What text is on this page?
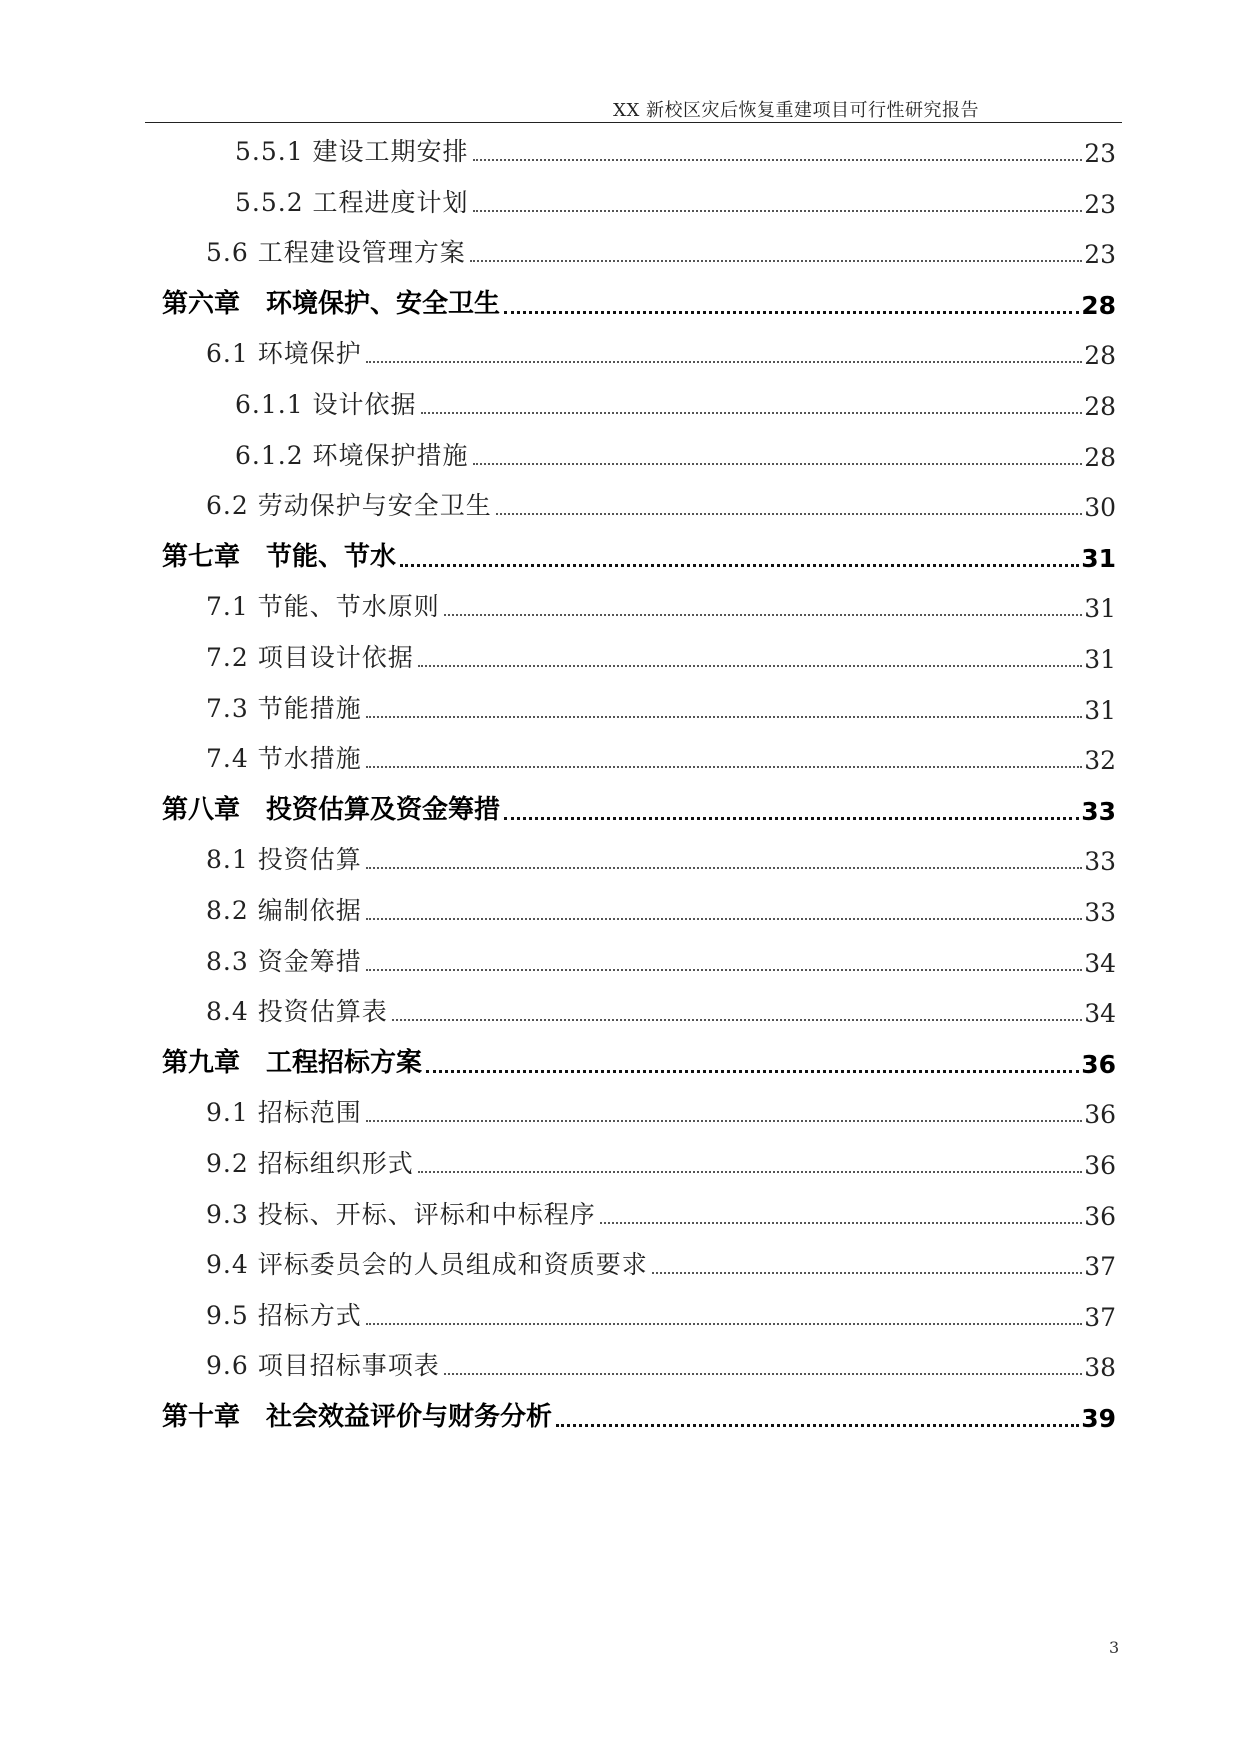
XX 新校区灾后恢复重建项目可行性研究报告
5.5.1 建设工期安排	23
5.5.2 工程进度计划	23
5.6 工程建设管理方案	23
第六章　环境保护、安全卫生	28
6.1 环境保护	28
6.1.1 设计依据	28
6.1.2 环境保护措施	28
6.2 劳动保护与安全卫生	30
第七章　节能、节水	31
7.1 节能、节水原则	31
7.2 项目设计依据	31
7.3 节能措施	31
7.4 节水措施	32
第八章　投资估算及资金筹措	33
8.1 投资估算	33
8.2 编制依据	33
8.3 资金筹措	34
8.4 投资估算表	34
第九章　工程招标方案	36
9.1 招标范围	36
9.2 招标组织形式	36
9.3 投标、开标、评标和中标程序	36
9.4 评标委员会的人员组成和资质要求	37
9.5 招标方式	37
9.6 项目招标事项表	38
第十章　社会效益评价与财务分析	39
3
